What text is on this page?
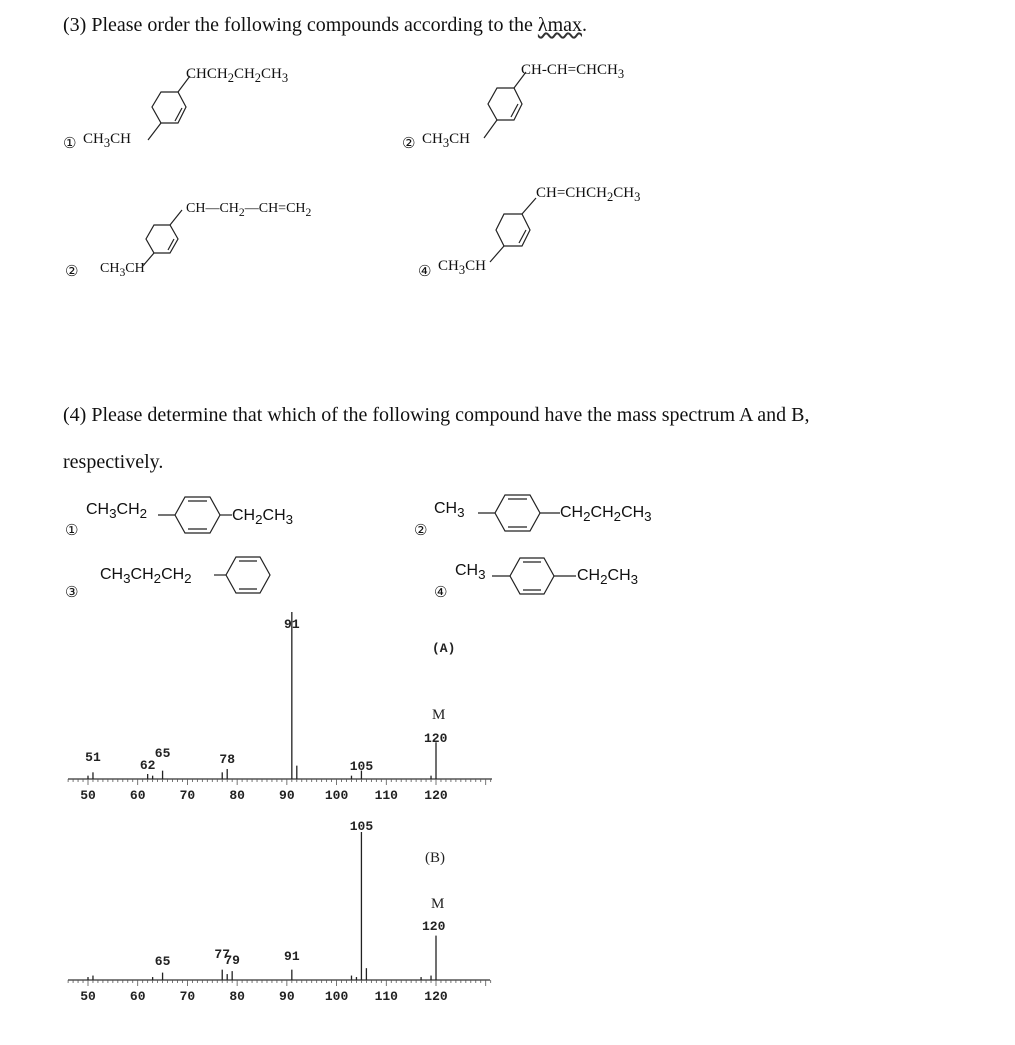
(3) Please order the following compounds according to the λmax.
① $CH_3CH$
$CHCH_2CH_2CH_3$
② $CH_3CH$
$CH-CH=CHCH_3$
② $CH_3CH$
$CH—CH_2—CH=CH_2$
④ $CH_3CH$
$CH=CHCH_2CH_3$
(4) Please determine that which of the following compound have the mass spectrum A and B,
respectively.
①
$CH_3CH_2$	$CH_2CH_3$
②
$CH_3$	$CH_2CH_2CH_3$
③
$CH_3CH_2CH_2$
④
$CH_3$	$CH_2CH_3$
(A)
M
120
51
62
65	78
91
105
50	60	70	80	90 100 110 120
(B)
M
120
65	77
79	91
105
50	60	70	80	90 100 110 120
